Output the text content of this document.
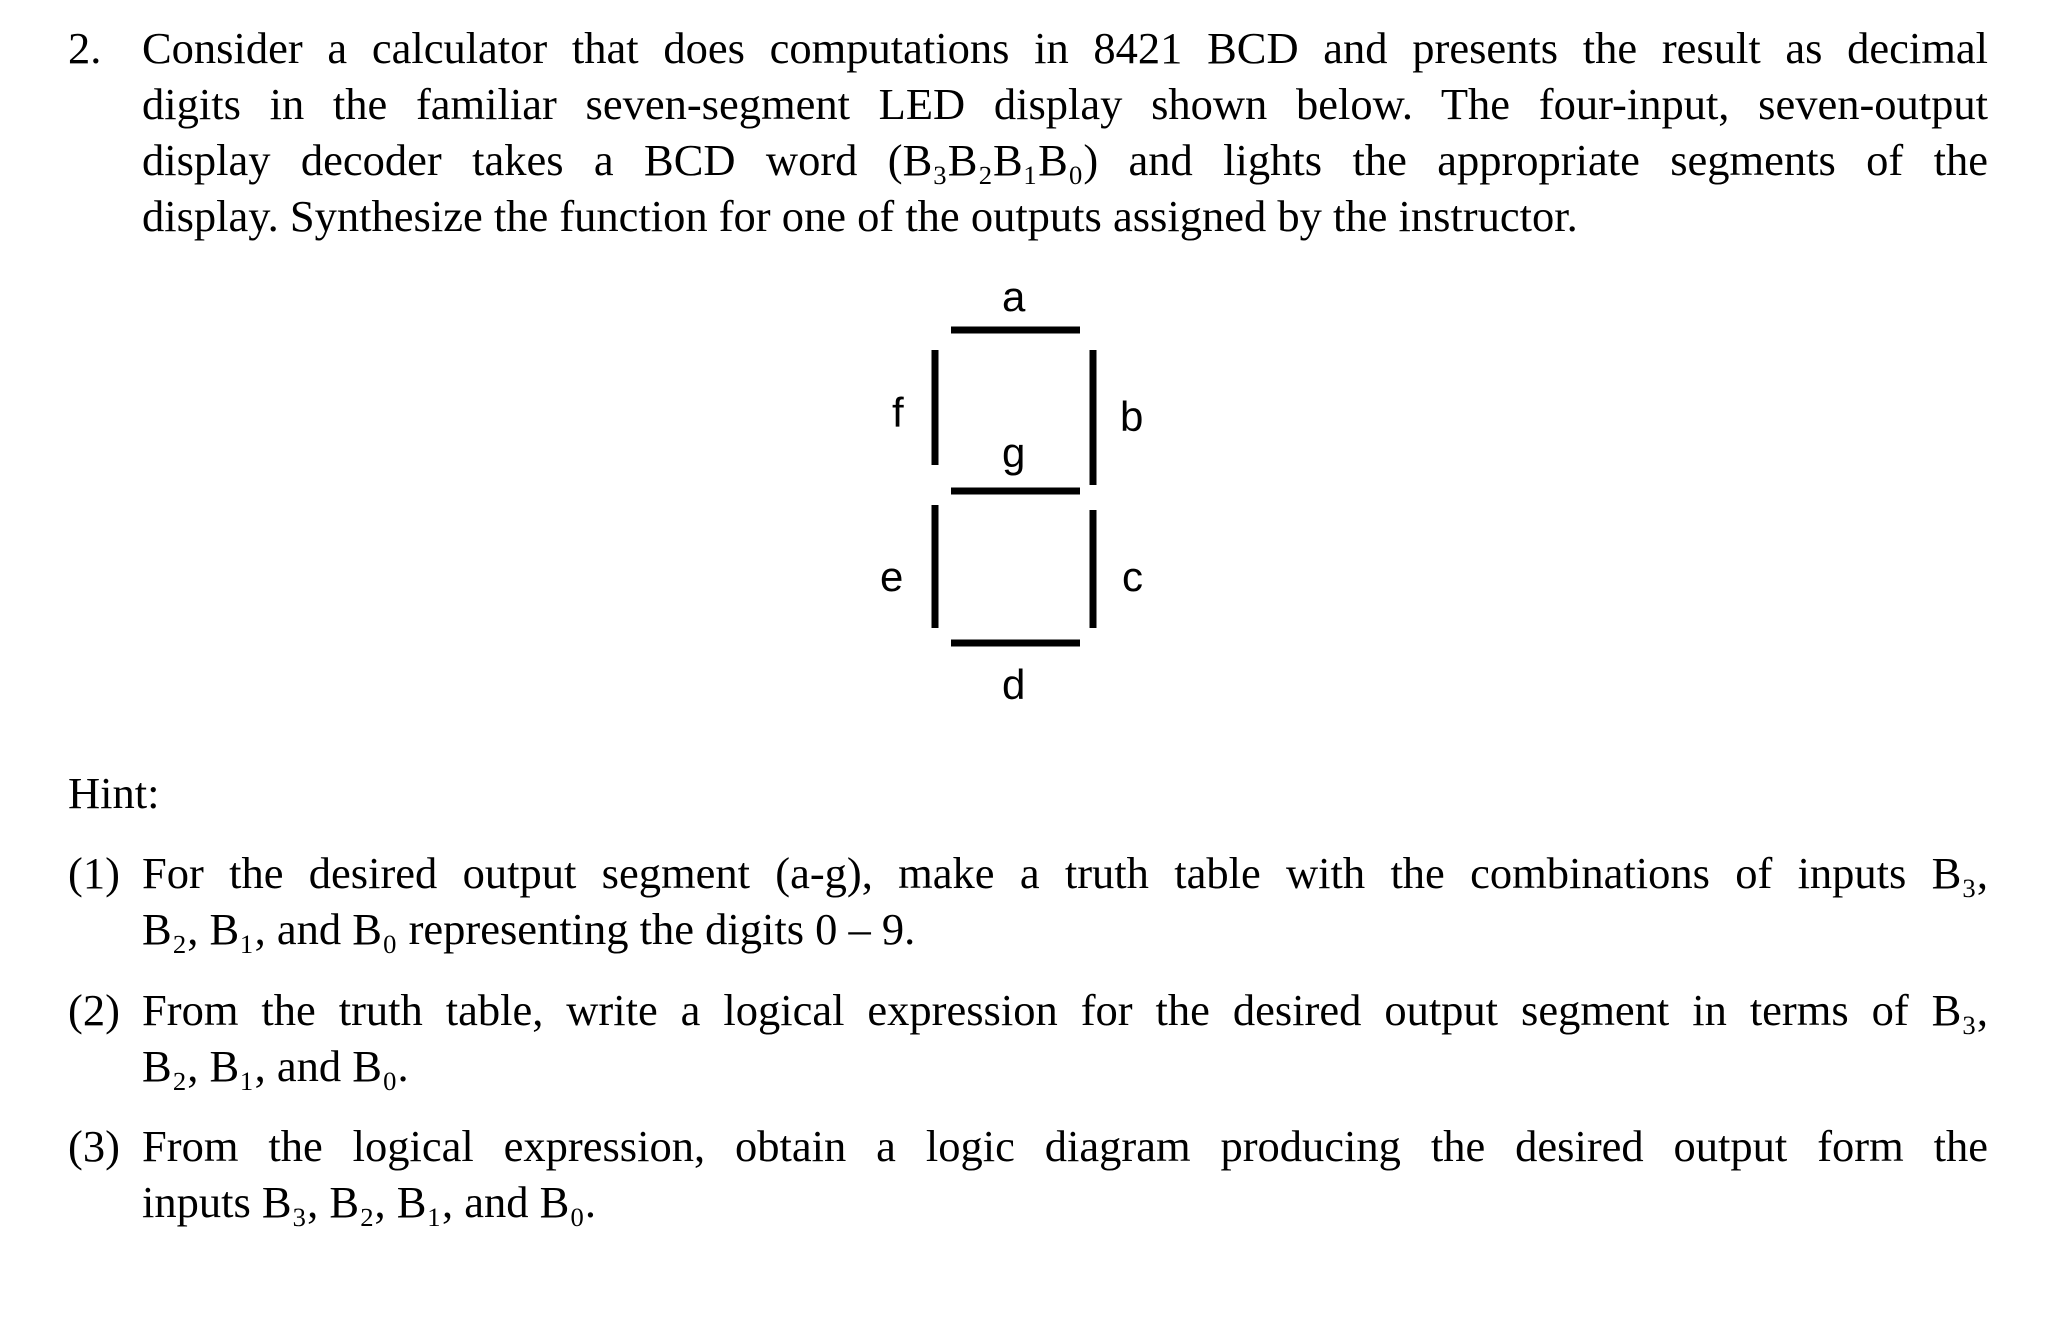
2. Consider a calculator that does computations in 8421 BCD and presents the result as decimal
digits in the familiar seven-segment LED display shown below. The four-input, seven-output
display decoder takes a BCD word (B₃B₂B₁B₀) and lights the appropriate segments of the
display. Synthesize the function for one of the outputs assigned by the instructor.
a
f	b
g
e	c
d
Hint:
(1) For the desired output segment (a-g), make a truth table with the combinations of inputs B₃,
B₂, B₁, and B₀ representing the digits 0 – 9.
(2) From the truth table, write a logical expression for the desired output segment in terms of B₃,
B₂, B₁, and B₀.
(3) From the logical expression, obtain a logic diagram producing the desired output form the
inputs B₃, B₂, B₁, and B₀.
